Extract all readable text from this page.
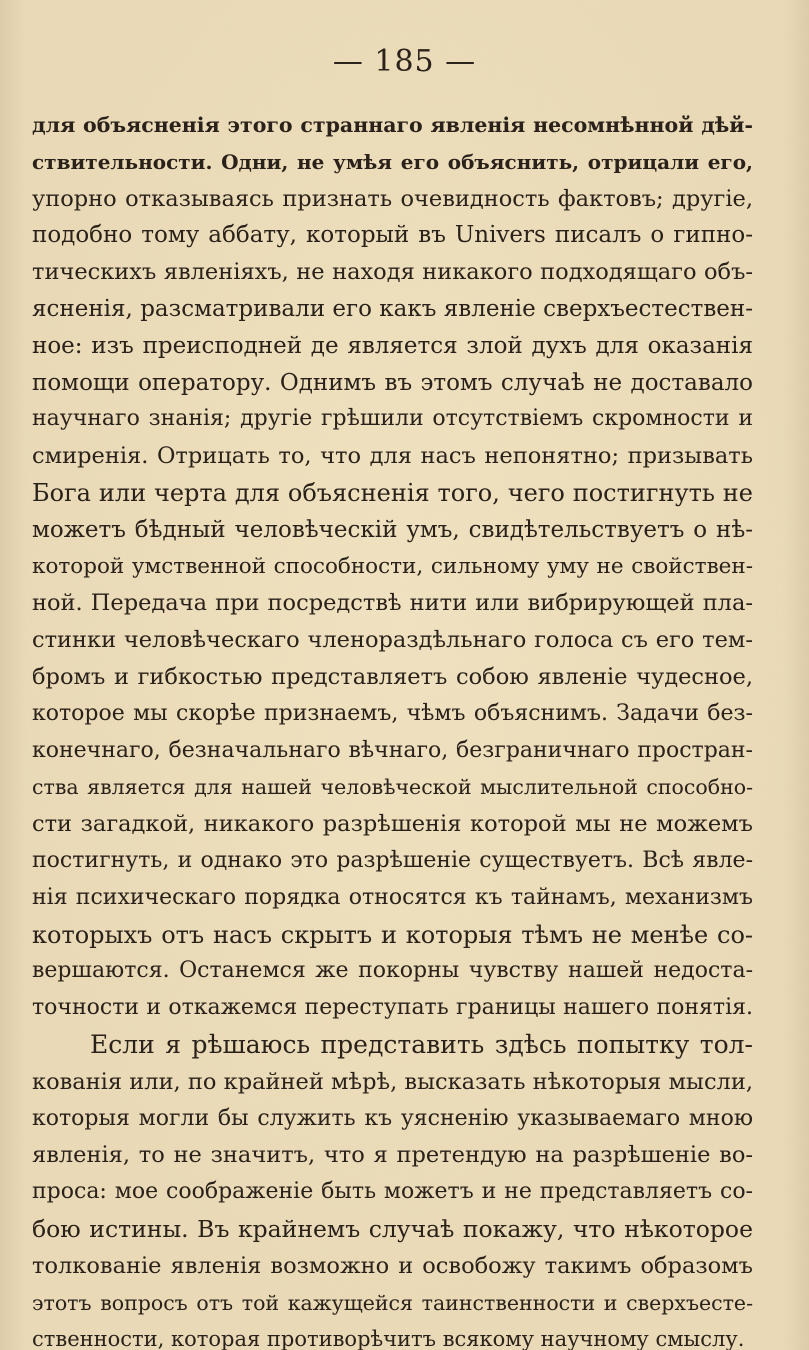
— 185 —
для объясненія этого страннаго явленія несомнѣнной дѣй-
ствительности. Одни, не умѣя его объяснить, отрицали его,
упорно отказываясь признать очевидность фактовъ; другіе,
подобно тому аббату, который въ Univers писалъ о гипно-
тическихъ явленіяхъ, не находя никакого подходящаго объ-
ясненія, разсматривали его какъ явленіе сверхъестествен-
ное: изъ преисподней де является злой духъ для оказанія
помощи оператору. Однимъ въ этомъ случаѣ не доставало
научнаго знанія; другіе грѣшили отсутствіемъ скромности и
смиренія. Отрицать то, что для насъ непонятно; призывать
Бога или черта для объясненія того, чего постигнуть не
можетъ бѣдный человѣческій умъ, свидѣтельствуетъ о нѣ-
которой умственной способности, сильному уму не свойствен-
ной. Передача при посредствѣ нити или вибрирующей пла-
стинки человѣческаго членораздѣльнаго голоса съ его тем-
бромъ и гибкостью представляетъ собою явленіе чудесное,
которое мы скорѣе признаемъ, чѣмъ объяснимъ. Задачи без-
конечнаго, безначальнаго вѣчнаго, безграничнаго простран-
ства является для нашей человѣческой мыслительной способно-
сти загадкой, никакого разрѣшенія которой мы не можемъ
постигнуть, и однако это разрѣшеніе существуетъ. Всѣ явле-
нія психическаго порядка относятся къ тайнамъ, механизмъ
которыхъ отъ насъ скрытъ и которыя тѣмъ не менѣе со-
вершаются. Останемся же покорны чувству нашей недоста-
точности и откажемся переступать границы нашего понятія.
Если я рѣшаюсь представить здѣсь попытку тол-
кованія или, по крайней мѣрѣ, высказать нѣкоторыя мысли,
которыя могли бы служить къ уясненію указываемаго мною
явленія, то не значитъ, что я претендую на разрѣшеніе во-
проса: мое соображеніе быть можетъ и не представляетъ со-
бою истины. Въ крайнемъ случаѣ покажу, что нѣкоторое
толкованіе явленія возможно и освобожу такимъ образомъ
этотъ вопросъ отъ той кажущейся таинственности и сверхъесте-
ственности, которая противорѣчитъ всякому научному смыслу.
